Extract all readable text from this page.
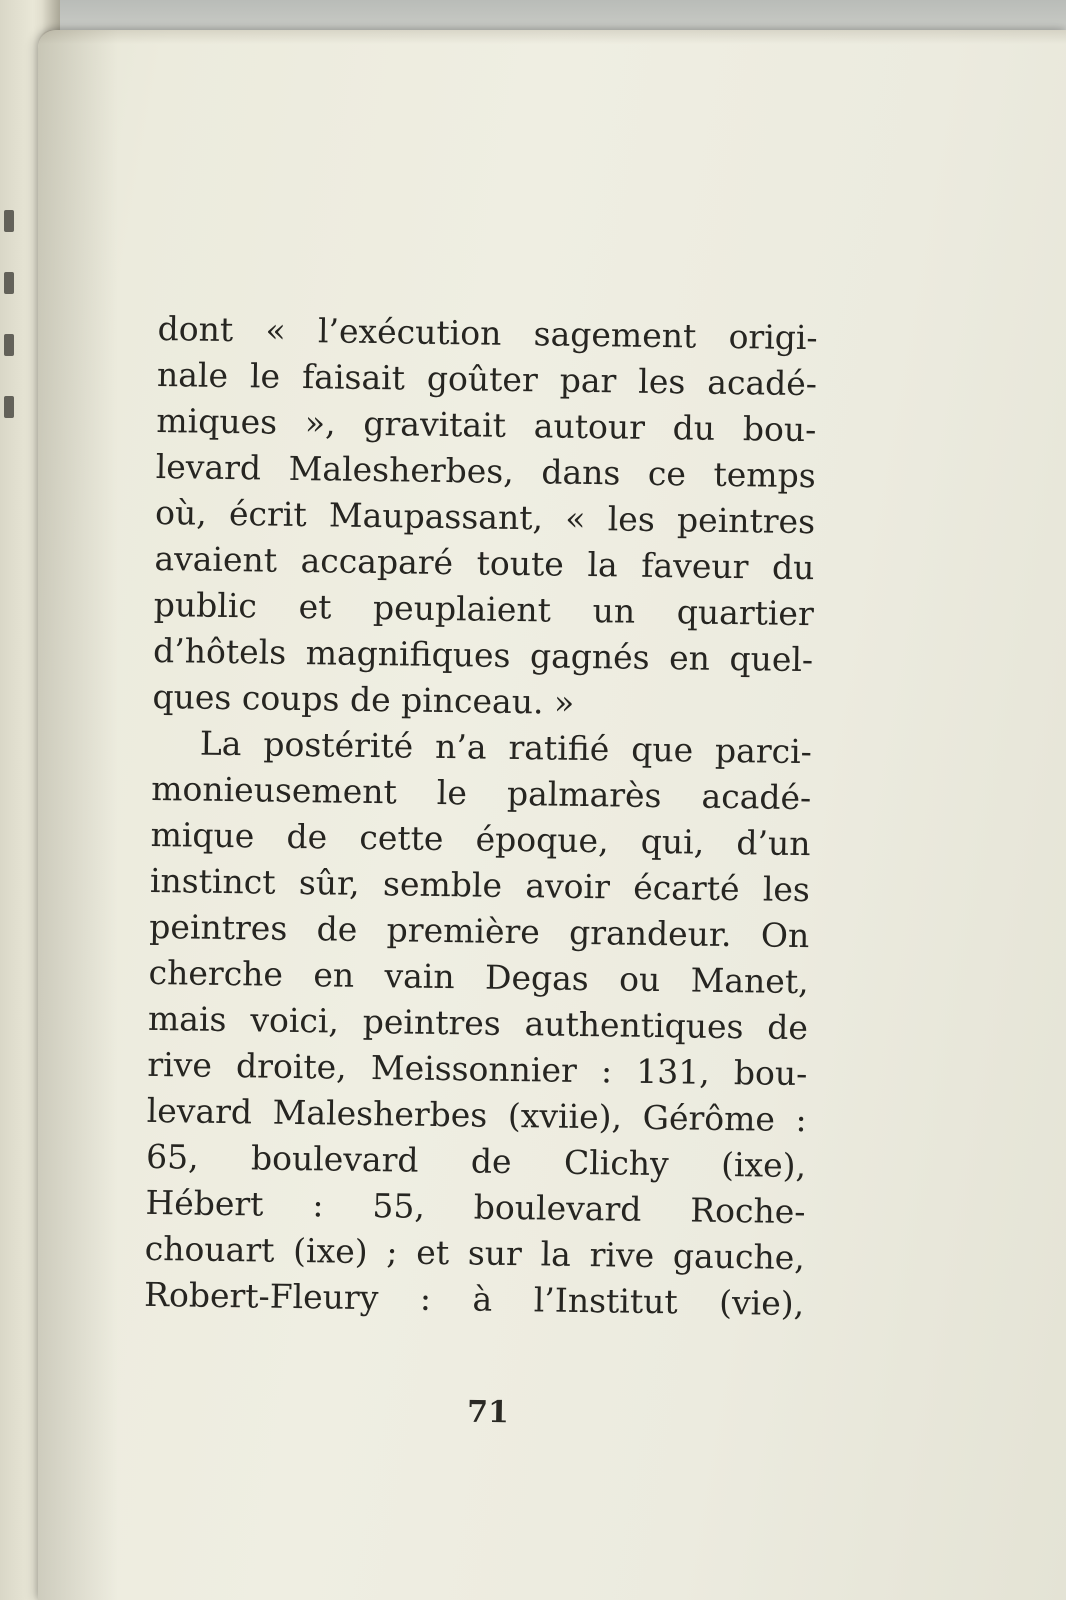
dont « l’exécution sagement origi-

nale le faisait goûter par les acadé-

miques », gravitait autour du bou-

levard Malesherbes, dans ce temps

où, écrit Maupassant, « les peintres

avaient accaparé toute la faveur du

public et peuplaient un quartier

d’hôtels magnifiques gagnés en quel-

ques coups de pinceau. »

La postérité n’a ratifié que parci-

monieusement le palmarès acadé-

mique de cette époque, qui, d’un

instinct sûr, semble avoir écarté les

peintres de première grandeur. On

cherche en vain Degas ou Manet,

mais voici, peintres authentiques de

rive droite, Meissonnier : 131, bou-

levard Malesherbes (xviie), Gérôme :

65, boulevard de Clichy (ixe),

Hébert : 55, boulevard Roche-

chouart (ixe) ; et sur la rive gauche,

Robert-Fleury : à l’Institut (vie),

71
